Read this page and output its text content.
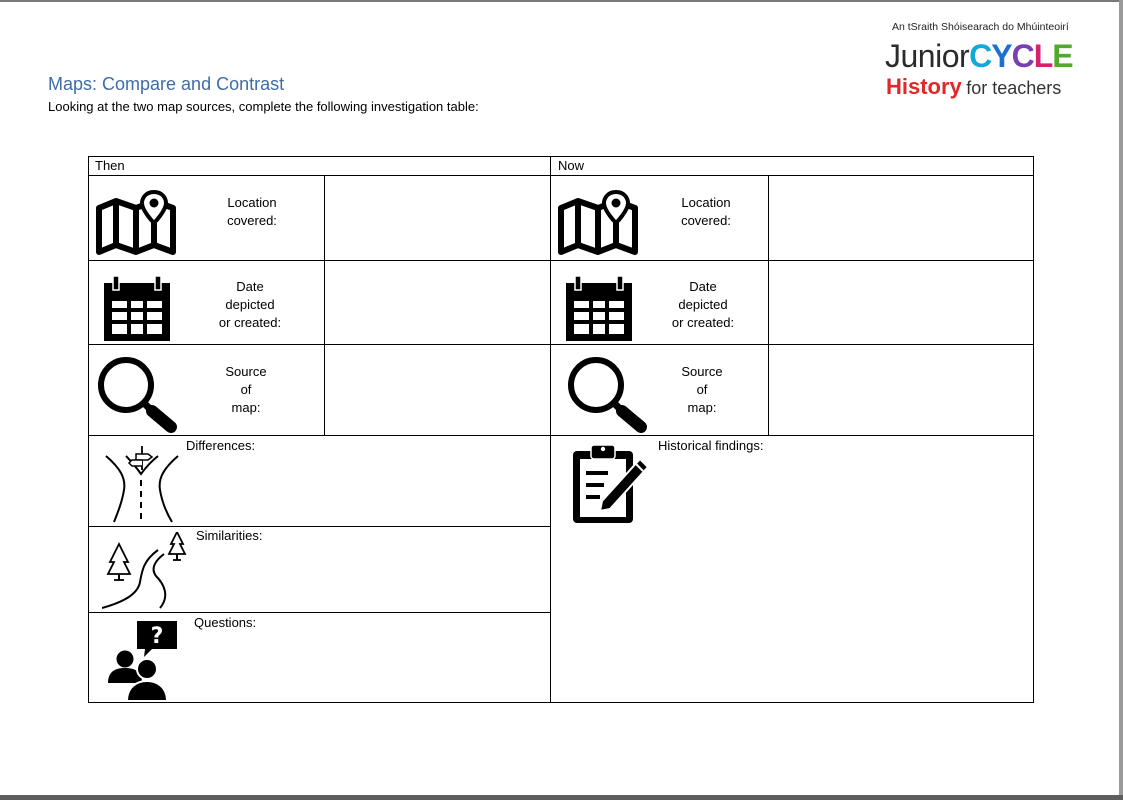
Maps: Compare and Contrast
Looking at the two map sources, complete the following investigation table:
An tSraith Shóisearach do Mhúinteoirí
JuniorCYCLE
History for teachers
Then	Now
Location
covered:
Date
depicted
or created:
Source
of
map:
Location
covered:
Date
depicted
or created:
Source
of
map:
Differences:
Similarities:
?
Questions:
Historical findings:
